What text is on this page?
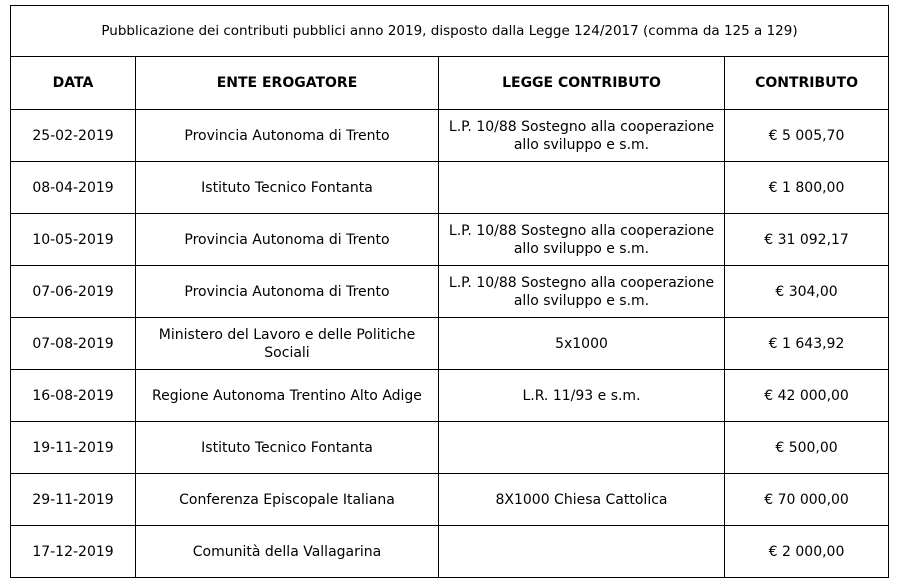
Pubblicazione dei contributi pubblici anno 2019, disposto dalla Legge 124/2017 (comma da 125 a 129)			
DATA	ENTE EROGATORE	LEGGE CONTRIBUTO	CONTRIBUTO
25-02-2019	Provincia Autonoma di Trento	L.P. 10/88 Sostegno alla cooperazione allo sviluppo e s.m.	€ 5 005,70
08-04-2019	Istituto Tecnico Fontanta		€ 1 800,00
10-05-2019	Provincia Autonoma di Trento	L.P. 10/88 Sostegno alla cooperazione allo sviluppo e s.m.	€ 31 092,17
07-06-2019	Provincia Autonoma di Trento	L.P. 10/88 Sostegno alla cooperazione allo sviluppo e s.m.	€ 304,00
07-08-2019	Ministero del Lavoro e delle Politiche Sociali	5x1000	€ 1 643,92
16-08-2019	Regione Autonoma Trentino Alto Adige	L.R. 11/93 e s.m.	€ 42 000,00
19-11-2019	Istituto Tecnico Fontanta		€ 500,00
29-11-2019	Conferenza Episcopale Italiana	8X1000 Chiesa Cattolica	€ 70 000,00
17-12-2019	Comunità della Vallagarina		€ 2 000,00
